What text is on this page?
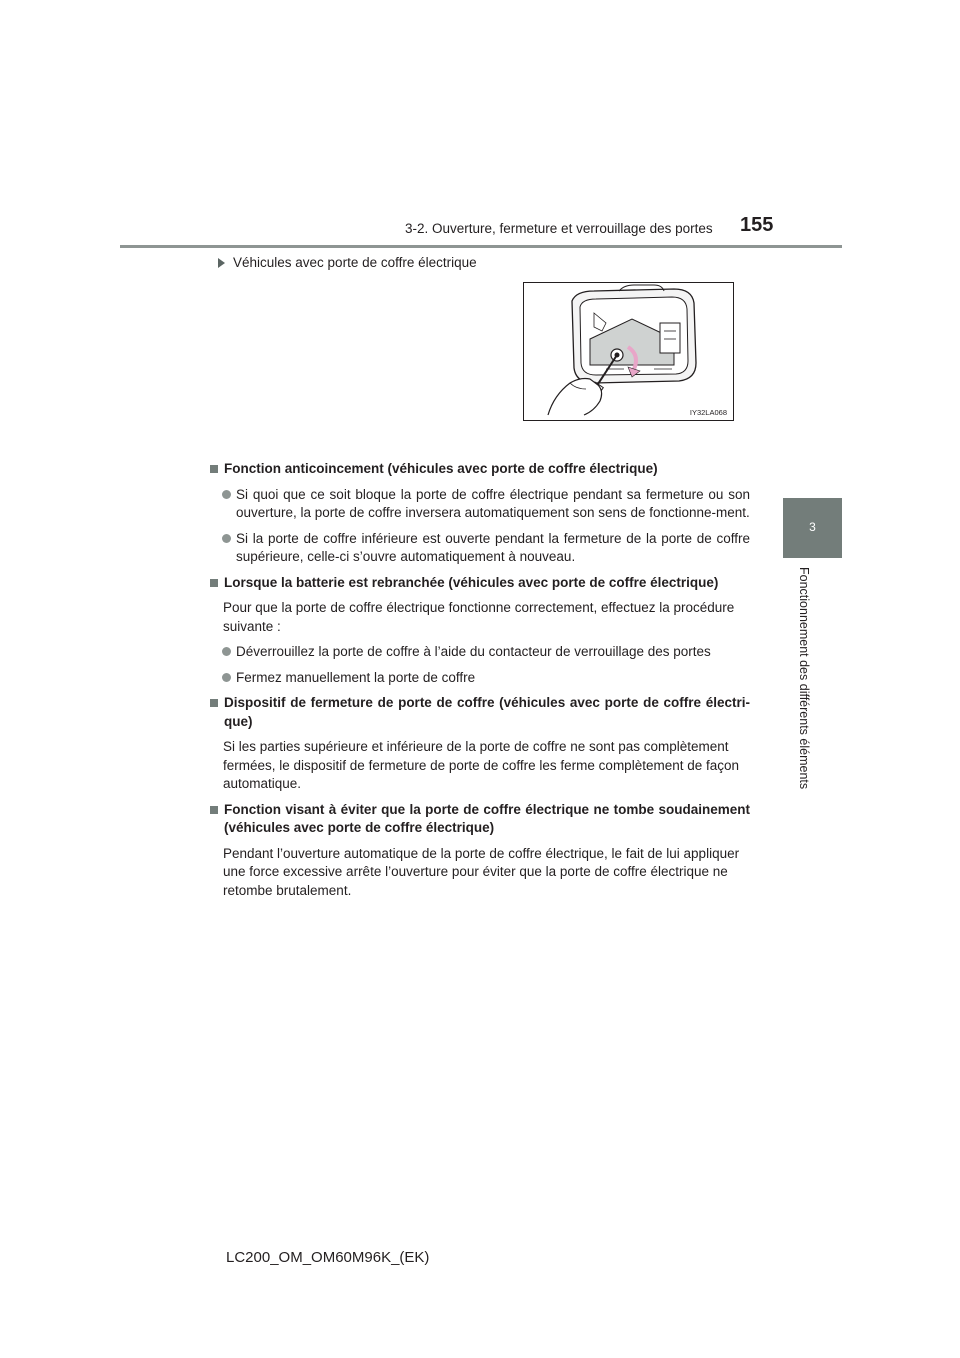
3-2. Ouverture, fermeture et verrouillage des portes 155
3
Fonctionnement des différents éléments
Véhicules avec porte de coffre électrique
IY32LA068
Fonction anticoincement (véhicules avec porte de coffre électrique)
Si quoi que ce soit bloque la porte de coffre électrique pendant sa fermeture ou son ouverture, la porte de coffre inversera automatiquement son sens de fonctionne-ment.
Si la porte de coffre inférieure est ouverte pendant la fermeture de la porte de coffre supérieure, celle-ci s’ouvre automatiquement à nouveau.
Lorsque la batterie est rebranchée (véhicules avec porte de coffre électrique)
Pour que la porte de coffre électrique fonctionne correctement, effectuez la procédure suivante :
Déverrouillez la porte de coffre à l’aide du contacteur de verrouillage des portes
Fermez manuellement la porte de coffre
Dispositif de fermeture de porte de coffre (véhicules avec porte de coffre électri-que)
Si les parties supérieure et inférieure de la porte de coffre ne sont pas complètement fermées, le dispositif de fermeture de porte de coffre les ferme complètement de façon automatique.
Fonction visant à éviter que la porte de coffre électrique ne tombe soudainement (véhicules avec porte de coffre électrique)
Pendant l’ouverture automatique de la porte de coffre électrique, le fait de lui appliquer une force excessive arrête l’ouverture pour éviter que la porte de coffre électrique ne retombe brutalement.
LC200_OM_OM60M96K_(EK)
